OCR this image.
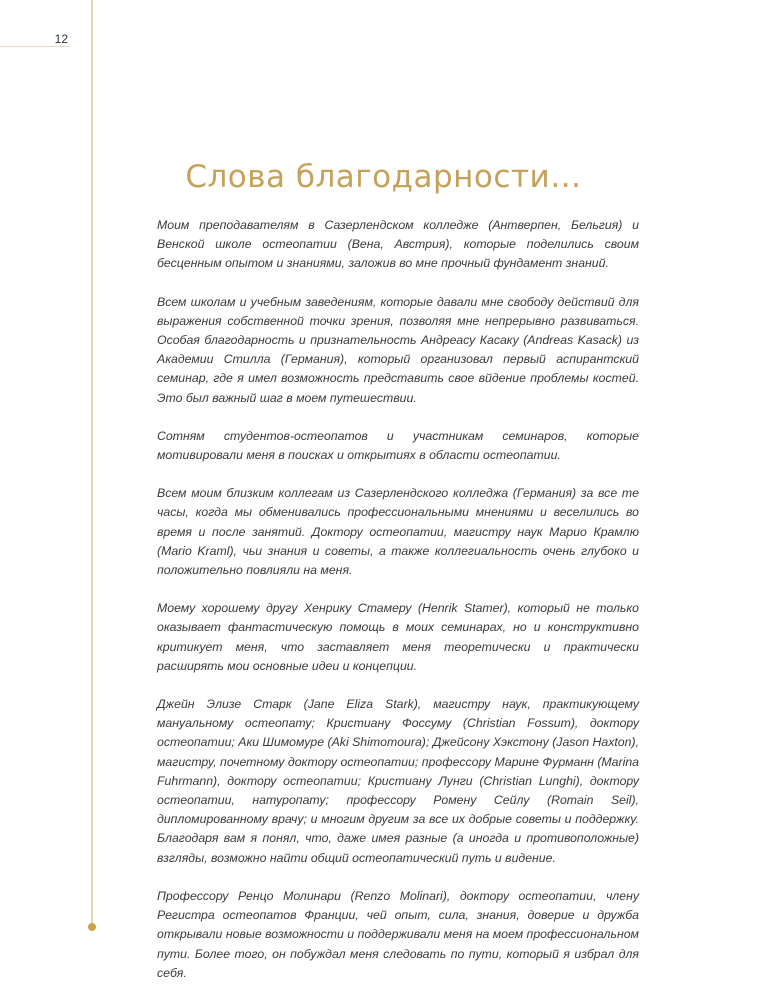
12
Слова благодарности…

Моим преподавателям в Сазерлендском колледже (Антверпен, Бельгия) и Венской школе остеопатии (Вена, Австрия), которые поделились своим бесценным опытом и знаниями, заложив во мне прочный фундамент знаний.

Всем школам и учебным заведениям, которые давали мне свободу действий для выражения собственной точки зрения, позволяя мне непрерывно развиваться. Особая благодарность и признательность Андреасу Касаку (Andreas Kasack) из Академии Стилла (Германия), который организовал первый аспирантский семинар, где я имел возможность представить свое вйдение проблемы костей. Это был важный шаг в моем путешествии.

Сотням студентов-остеопатов и участникам семинаров, которые мотивировали меня в поисках и открытиях в области остеопатии.

Всем моим близким коллегам из Сазерлендского колледжа (Германия) за все те часы, когда мы обменивались профессиональными мнениями и веселились во время и после занятий. Доктору остеопатии, магистру наук Марио Крамлю (Mario Kraml), чьи знания и советы, а также коллегиальность очень глубоко и положительно повлияли на меня.

Моему хорошему другу Хенрику Стамеру (Henrik Stamer), который не только оказывает фантастическую помощь в моих семинарах, но и конструктивно критикует меня, что заставляет меня теоретически и практически расширять мои основные идеи и концепции.

Джейн Элизе Старк (Jane Eliza Stark), магистру наук, практикующему мануальному остеопату; Кристиану Фоссуму (Christian Fossum), доктору остеопатии; Аки Шимомуре (Aki Shimomoura); Джейсону Хэкстону (Jason Haxton), магистру, почетному доктору остеопатии; профессору Марине Фурманн (Marina Fuhrmann), доктору остеопатии; Кристиану Лунги (Christian Lunghi), доктору остеопатии, натуропату; профессору Ромену Сейлу (Romain Seil), дипломированному врачу; и многим другим за все их добрые советы и поддержку. Благодаря вам я понял, что, даже имея разные (а иногда и противоположные) взгляды, возможно найти общий остеопатический путь и видение.

Профессору Ренцо Молинари (Renzo Molinari), доктору остеопатии, члену Регистра остеопатов Франции, чей опыт, сила, знания, доверие и дружба открывали новые возможности и поддерживали меня на моем профессиональном пути. Более того, он побуждал меня следовать по пути, который я избрал для себя.
